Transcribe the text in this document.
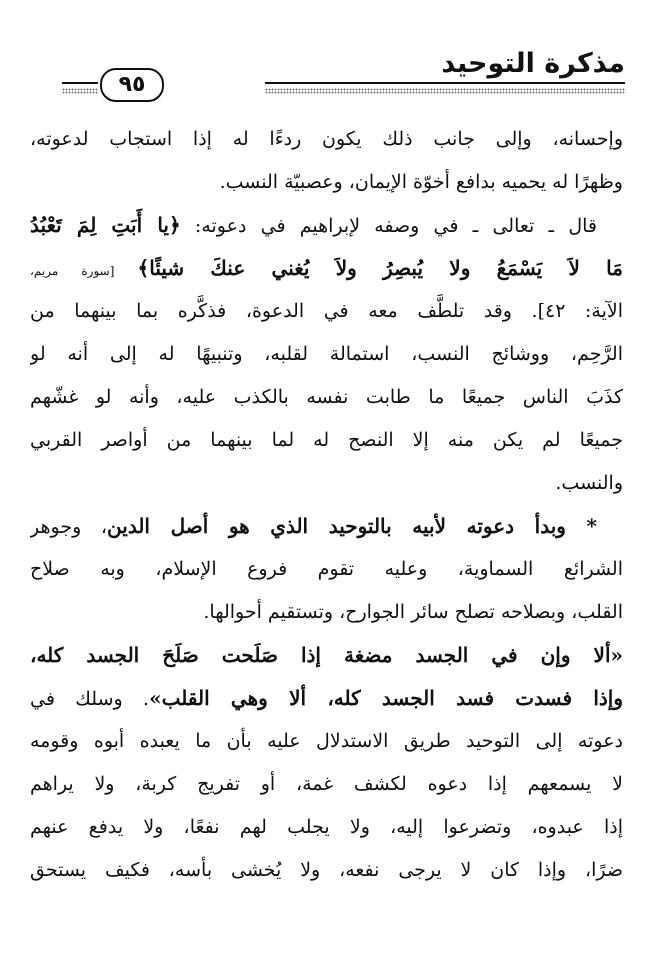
مذكرة التوحيد
٩٥
وإحسانه، وإلى جانب ذلك يكون ردءًا له إذا استجاب لدعوته،
وظهرًا له يحميه بدافع أخوّة الإيمان، وعصبيّة النسب.
قال ـ تعالى ـ في وصفه لإبراهيم في دعوته: ﴿يا أَبَتِ لِمَ تَعْبُدُ
مَا لاَ يَسْمَعُ ولا يُبصِرُ ولاَ يُغني عنكَ شيئًا﴾ [سورة مريم،
الآية: ٤٢]. وقد تلطَّف معه في الدعوة، فذكَّره بما بينهما من
الرَّحِم، ووشائج النسب، استمالة لقلبه، وتنبيهًا له إلى أنه لو
كذَبَ الناس جميعًا ما طابت نفسه بالكذب عليه، وأنه لو غشّهم
جميعًا لم يكن منه إلا النصح له لما بينهما من أواصر القربي
والنسب.
* وبدأ دعوته لأبيه بالتوحيد الذي هو أصل الدين، وجوهر
الشرائع السماوية، وعليه تقوم فروع الإسلام، وبه صلاح
القلب، وبصلاحه تصلح سائر الجوارح، وتستقيم أحوالها.
«ألا وإن في الجسد مضغة إذا صَلَحت صَلَحَ الجسد كله،
وإذا فسدت فسد الجسد كله، ألا وهي القلب». وسلك في
دعوته إلى التوحيد طريق الاستدلال عليه بأن ما يعبده أبوه وقومه
لا يسمعهم إذا دعوه لكشف غمة، أو تفريج كربة، ولا يراهم
إذا عبدوه، وتضرعوا إليه، ولا يجلب لهم نفعًا، ولا يدفع عنهم
ضرًا، وإذا كان لا يرجى نفعه، ولا يُخشى بأسه، فكيف يستحق
